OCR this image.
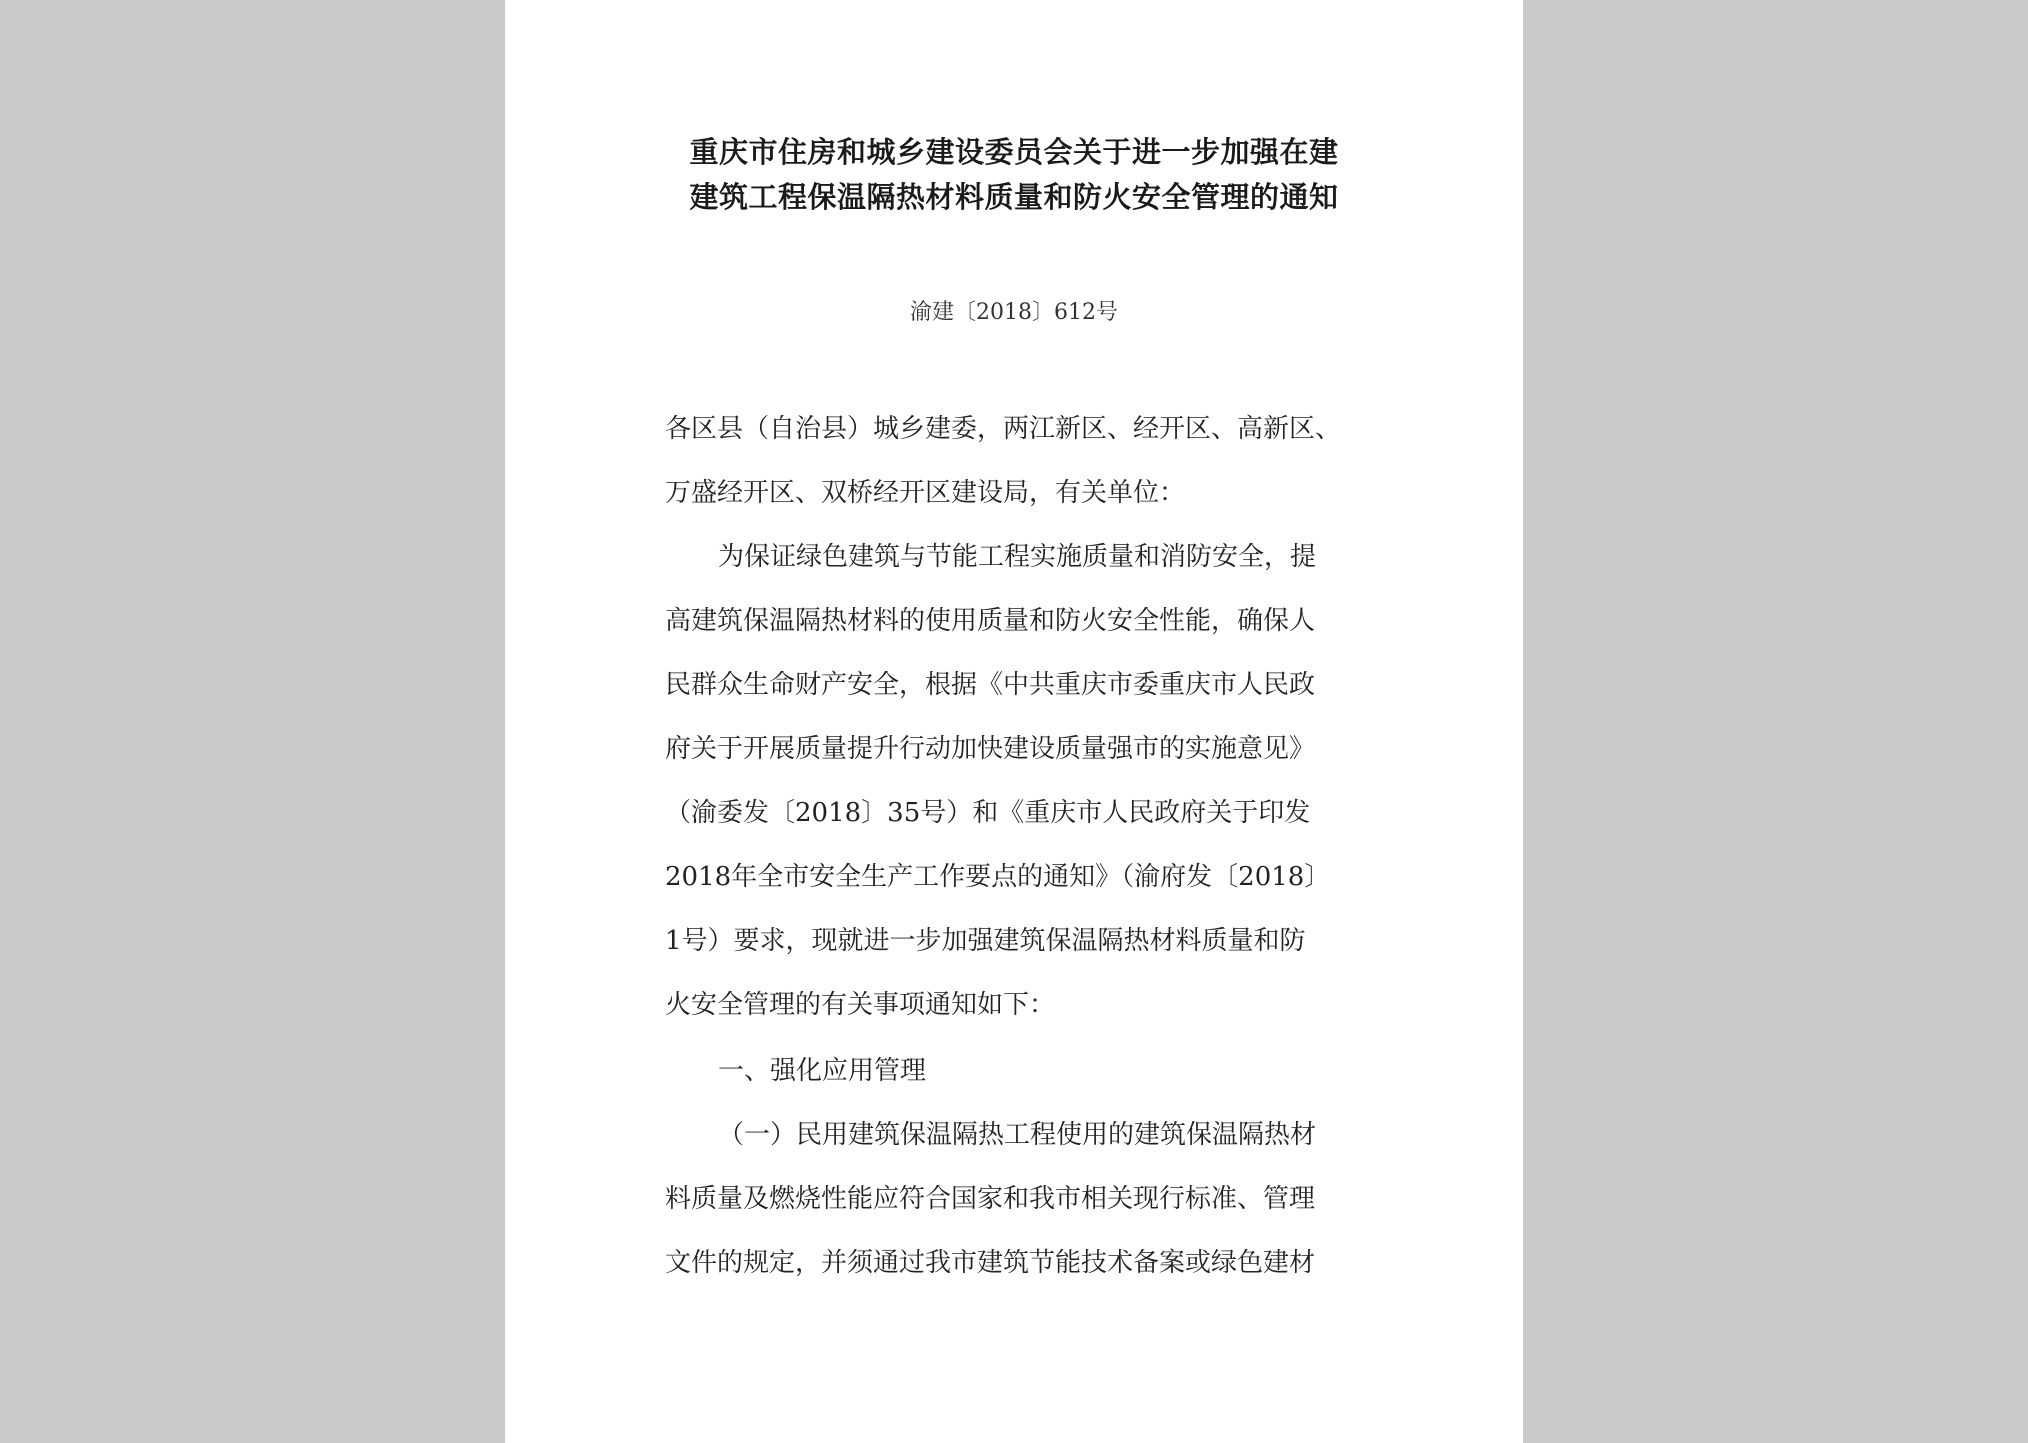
重庆市住房和城乡建设委员会关于进一步加强在建
建筑工程保温隔热材料质量和防火安全管理的通知
渝建〔2018〕612号
各区县（自治县）城乡建委，两江新区、经开区、高新区、
万盛经开区、双桥经开区建设局，有关单位：
为保证绿色建筑与节能工程实施质量和消防安全，提
高建筑保温隔热材料的使用质量和防火安全性能，确保人
民群众生命财产安全，根据《中共重庆市委重庆市人民政
府关于开展质量提升行动加快建设质量强市的实施意见》
（渝委发〔2018〕35号）和《重庆市人民政府关于印发
2018年全市安全生产工作要点的通知》（渝府发〔2018〕
1号）要求，现就进一步加强建筑保温隔热材料质量和防
火安全管理的有关事项通知如下：
一、强化应用管理
（一）民用建筑保温隔热工程使用的建筑保温隔热材
料质量及燃烧性能应符合国家和我市相关现行标准、管理
文件的规定，并须通过我市建筑节能技术备案或绿色建材
